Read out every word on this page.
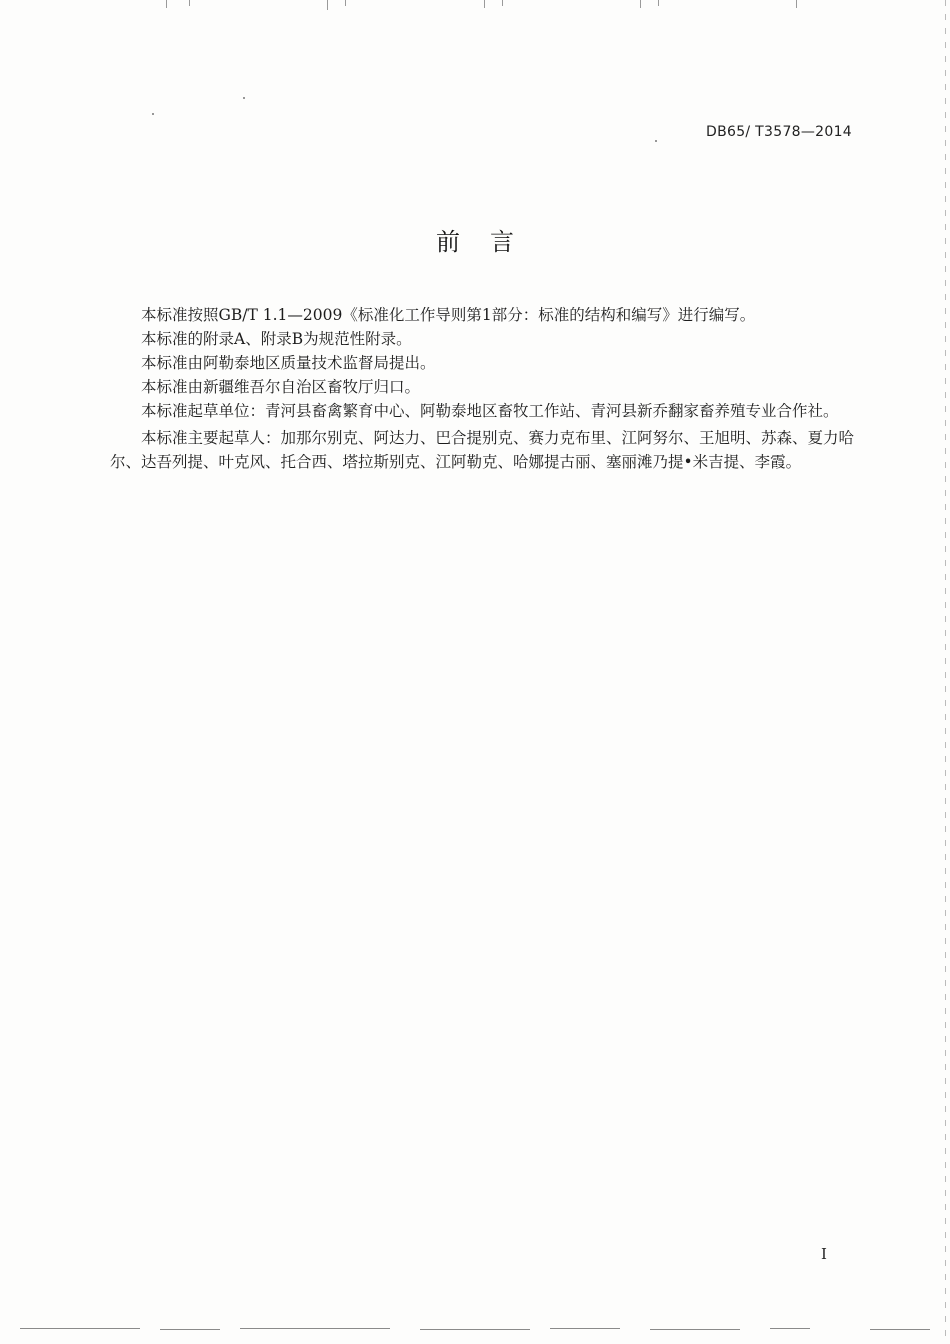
DB65/ T3578—2014
前言

本标准按照GB/T 1.1—2009《标准化工作导则第1部分：标准的结构和编写》进行编写。

本标准的附录A、附录B为规范性附录。

本标准由阿勒泰地区质量技术监督局提出。

本标准由新疆维吾尔自治区畜牧厅归口。

本标准起草单位：青河县畜禽繁育中心、阿勒泰地区畜牧工作站、青河县新乔翻家畜养殖专业合作社。

本标准主要起草人：加那尔别克、阿达力、巴合提别克、赛力克布里、江阿努尔、王旭明、苏森、夏力哈尔、达吾列提、叶克风、托合西、塔拉斯别克、江阿勒克、哈娜提古丽、塞丽滩乃提•米吉提、李霞。

I
